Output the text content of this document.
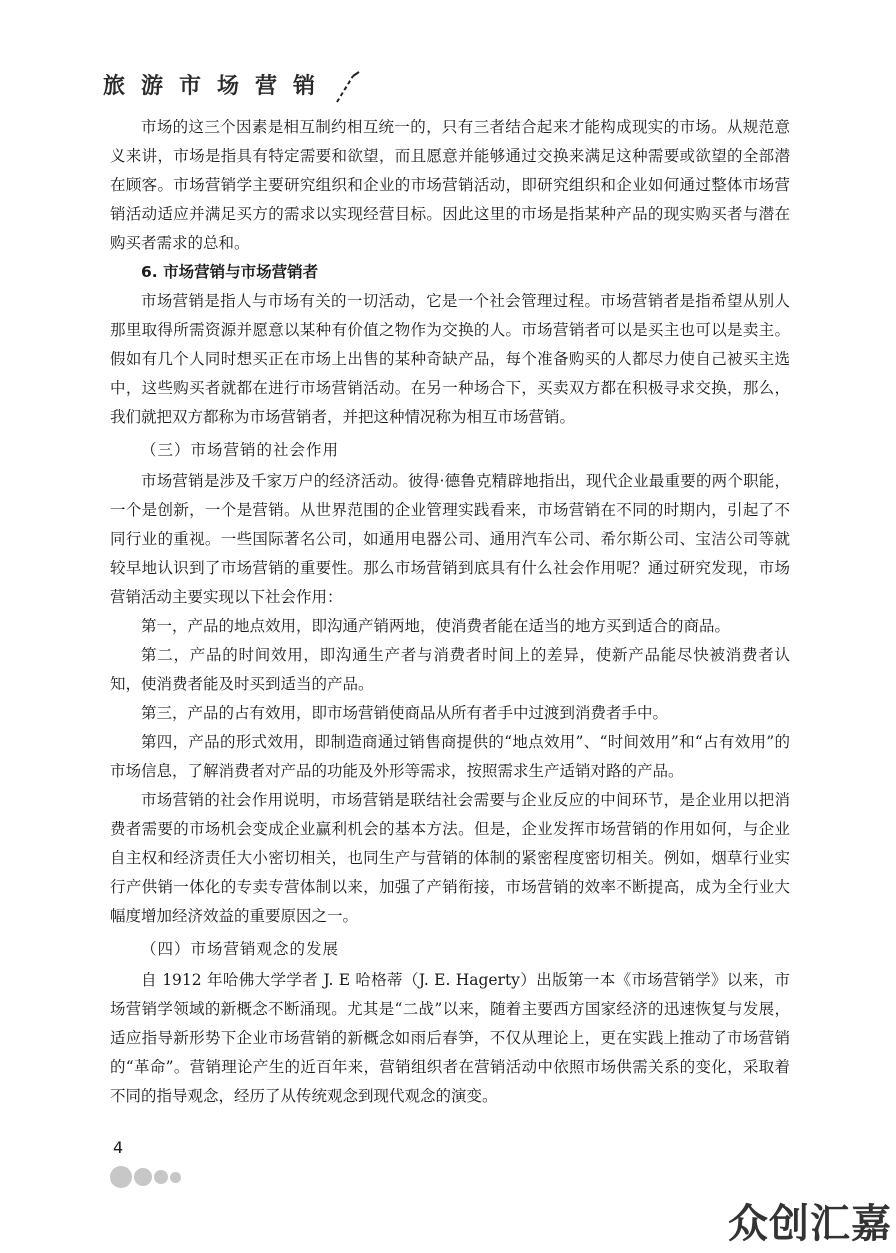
旅 游 市 场 营 销

市场的这三个因素是相互制约相互统一的，只有三者结合起来才能构成现实的市场。从规范意义来讲，市场是指具有特定需要和欲望，而且愿意并能够通过交换来满足这种需要或欲望的全部潜在顾客。市场营销学主要研究组织和企业的市场营销活动，即研究组织和企业如何通过整体市场营销活动适应并满足买方的需求以实现经营目标。因此这里的市场是指某种产品的现实购买者与潜在购买者需求的总和。

6. 市场营销与市场营销者

市场营销是指人与市场有关的一切活动，它是一个社会管理过程。市场营销者是指希望从别人那里取得所需资源并愿意以某种有价值之物作为交换的人。市场营销者可以是买主也可以是卖主。假如有几个人同时想买正在市场上出售的某种奇缺产品，每个准备购买的人都尽力使自己被买主选中，这些购买者就都在进行市场营销活动。在另一种场合下，买卖双方都在积极寻求交换，那么，我们就把双方都称为市场营销者，并把这种情况称为相互市场营销。

（三）市场营销的社会作用

市场营销是涉及千家万户的经济活动。彼得·德鲁克精辟地指出，现代企业最重要的两个职能，一个是创新，一个是营销。从世界范围的企业管理实践看来，市场营销在不同的时期内，引起了不同行业的重视。一些国际著名公司，如通用电器公司、通用汽车公司、希尔斯公司、宝洁公司等就较早地认识到了市场营销的重要性。那么市场营销到底具有什么社会作用呢？通过研究发现，市场营销活动主要实现以下社会作用：

第一，产品的地点效用，即沟通产销两地，使消费者能在适当的地方买到适合的商品。

第二，产品的时间效用，即沟通生产者与消费者时间上的差异，使新产品能尽快被消费者认知，使消费者能及时买到适当的产品。

第三，产品的占有效用，即市场营销使商品从所有者手中过渡到消费者手中。

第四，产品的形式效用，即制造商通过销售商提供的“地点效用”、“时间效用”和“占有效用”的市场信息，了解消费者对产品的功能及外形等需求，按照需求生产适销对路的产品。

市场营销的社会作用说明，市场营销是联结社会需要与企业反应的中间环节，是企业用以把消费者需要的市场机会变成企业赢利机会的基本方法。但是，企业发挥市场营销的作用如何，与企业自主权和经济责任大小密切相关，也同生产与营销的体制的紧密程度密切相关。例如，烟草行业实行产供销一体化的专卖专营体制以来，加强了产销衔接，市场营销的效率不断提高，成为全行业大幅度增加经济效益的重要原因之一。

（四）市场营销观念的发展

自 1912 年哈佛大学学者 J. E 哈格蒂（J. E. Hagerty）出版第一本《市场营销学》以来，市场营销学领域的新概念不断涌现。尤其是“二战”以来，随着主要西方国家经济的迅速恢复与发展，适应指导新形势下企业市场营销的新概念如雨后春笋，不仅从理论上，更在实践上推动了市场营销的“革命”。营销理论产生的近百年来，营销组织者在营销活动中依照市场供需关系的变化，采取着不同的指导观念，经历了从传统观念到现代观念的演变。

4
众创汇嘉
